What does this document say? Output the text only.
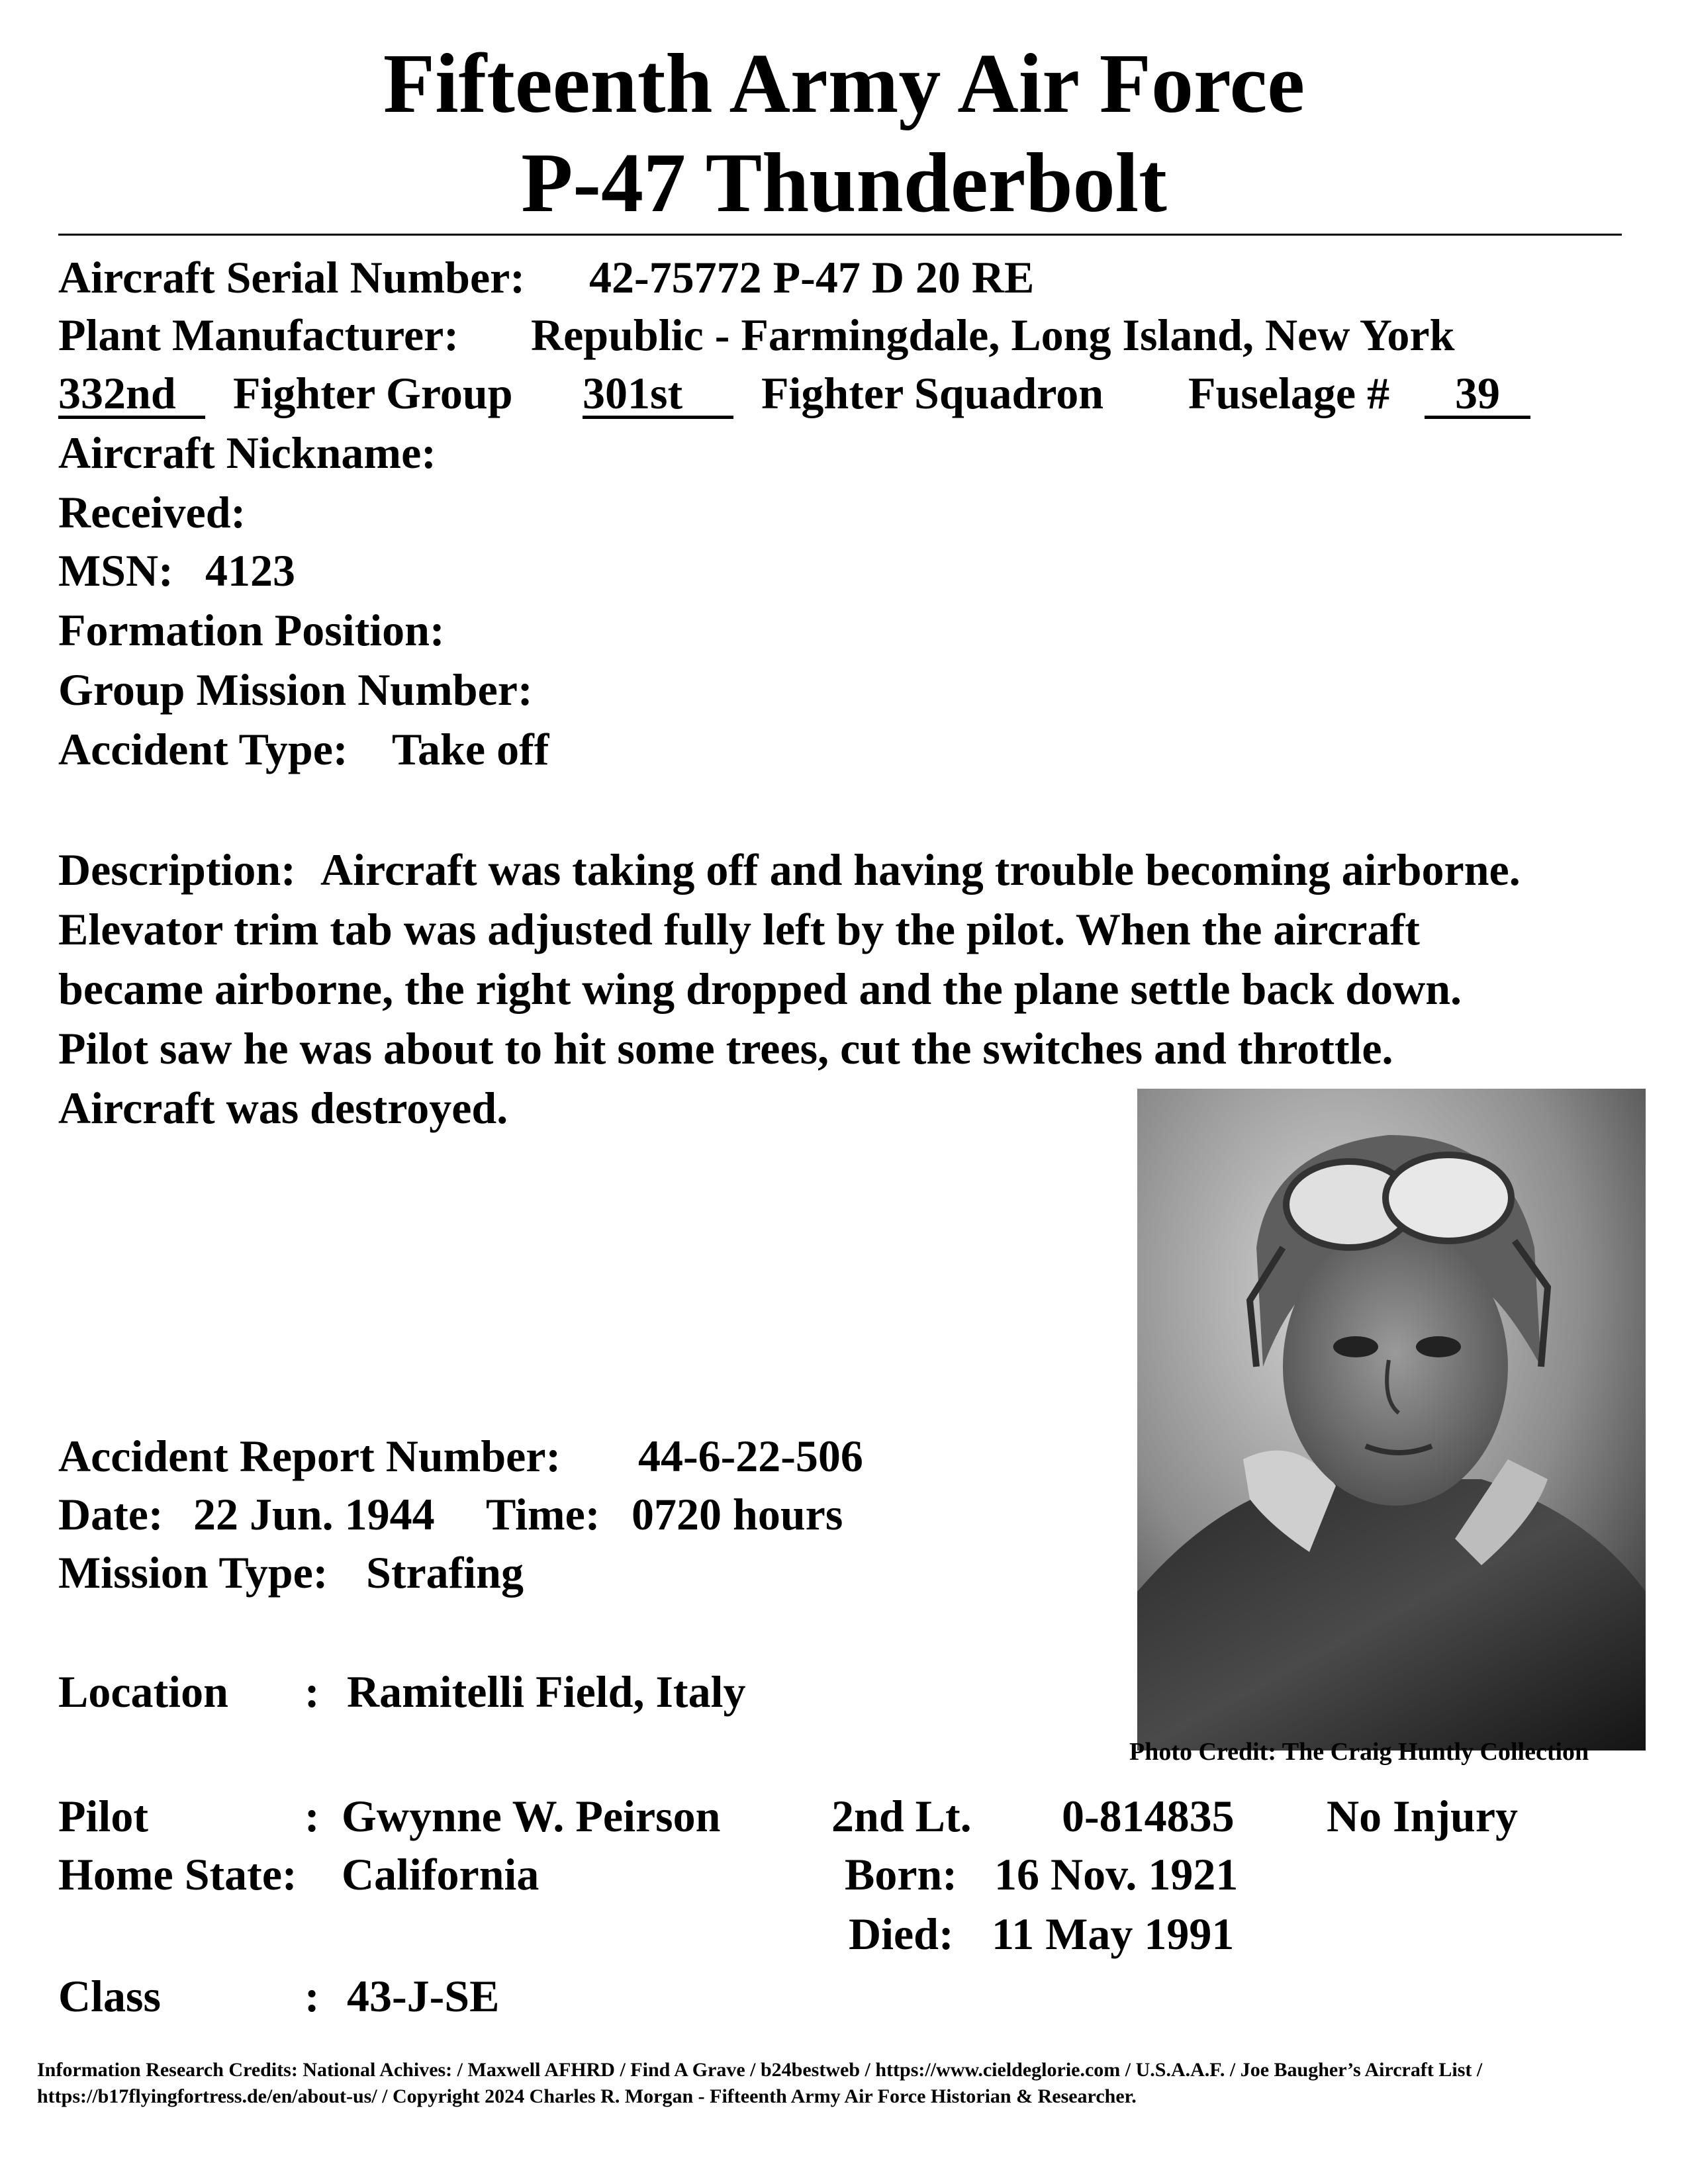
Fifteenth Army Air Force
P-47 Thunderbolt
Aircraft Serial Number: 42-75772 P-47 D 20 RE
Plant Manufacturer: Republic - Farmingdale, Long Island, New York
332nd	Fighter Group 301st	Fighter Squadron Fuselage #	39
Aircraft Nickname:
Received:
MSN: 4123
Formation Position:
Group Mission Number:
Accident Type: Take off
Description: Aircraft was taking off and having trouble becoming airborne.
Elevator trim tab was adjusted fully left by the pilot. When the aircraft
became airborne, the right wing dropped and the plane settle back down.
Pilot saw he was about to hit some trees, cut the switches and throttle.
Aircraft was destroyed.
Photo Credit: The Craig Huntly Collection
Accident Report Number: 44-6-22-506
Date: 22 Jun. 1944 Time: 0720 hours
Mission Type: Strafing
Location : Ramitelli Field, Italy
Pilot	: Gwynne W. Peirson 2nd Lt. 0-814835 No Injury
Home State: California	Born: 16 Nov. 1921
Died: 11 May 1991
Class	: 43-J-SE
Information Research Credits: National Achives: / Maxwell AFHRD / Find A Grave / b24bestweb / https://www.cieldeglorie.com / U.S.A.A.F. / Joe Baugher’s Aircraft List /
https://b17flyingfortress.de/en/about-us/ / Copyright 2024 Charles R. Morgan - Fifteenth Army Air Force Historian & Researcher.
